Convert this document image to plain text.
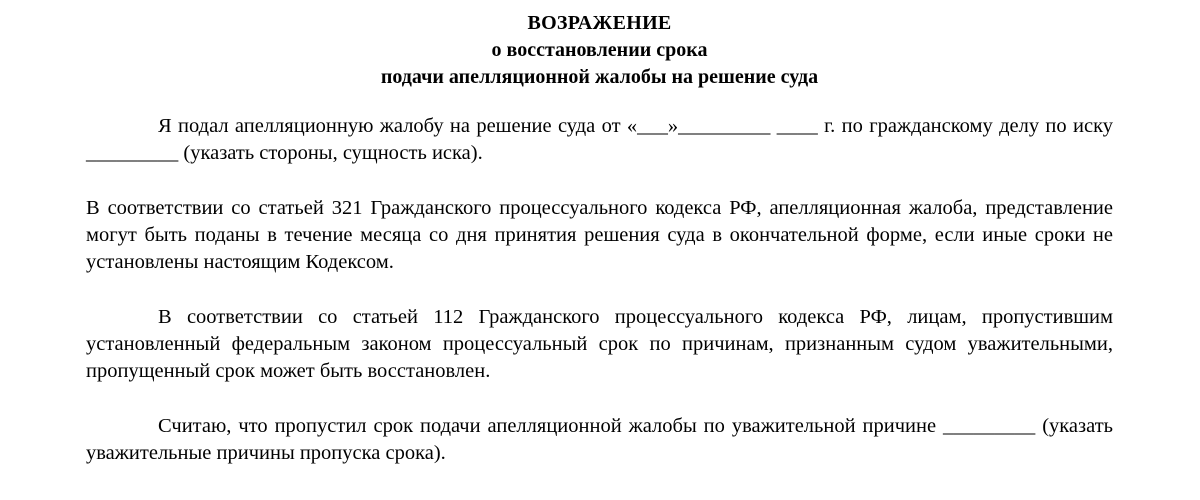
ВОЗРАЖЕНИЕ

о восстановлении срока

подачи апелляционной жалобы на решение суда

Я подал апелляционную жалобу на решение суда от «___»_________ ____ г. по гражданскому делу по иску _________ (указать стороны, сущность иска).

В соответствии со статьей 321 Гражданского процессуального кодекса РФ, апелляционная жалоба, представление могут быть поданы в течение месяца со дня принятия решения суда в окончательной форме, если иные сроки не установлены настоящим Кодексом.

В соответствии со статьей 112 Гражданского процессуального кодекса РФ, лицам, пропустившим установленный федеральным законом процессуальный срок по причинам, признанным судом уважительными, пропущенный срок может быть восстановлен.

Считаю, что пропустил срок подачи апелляционной жалобы по уважительной причине _________ (указать уважительные причины пропуска срока).
